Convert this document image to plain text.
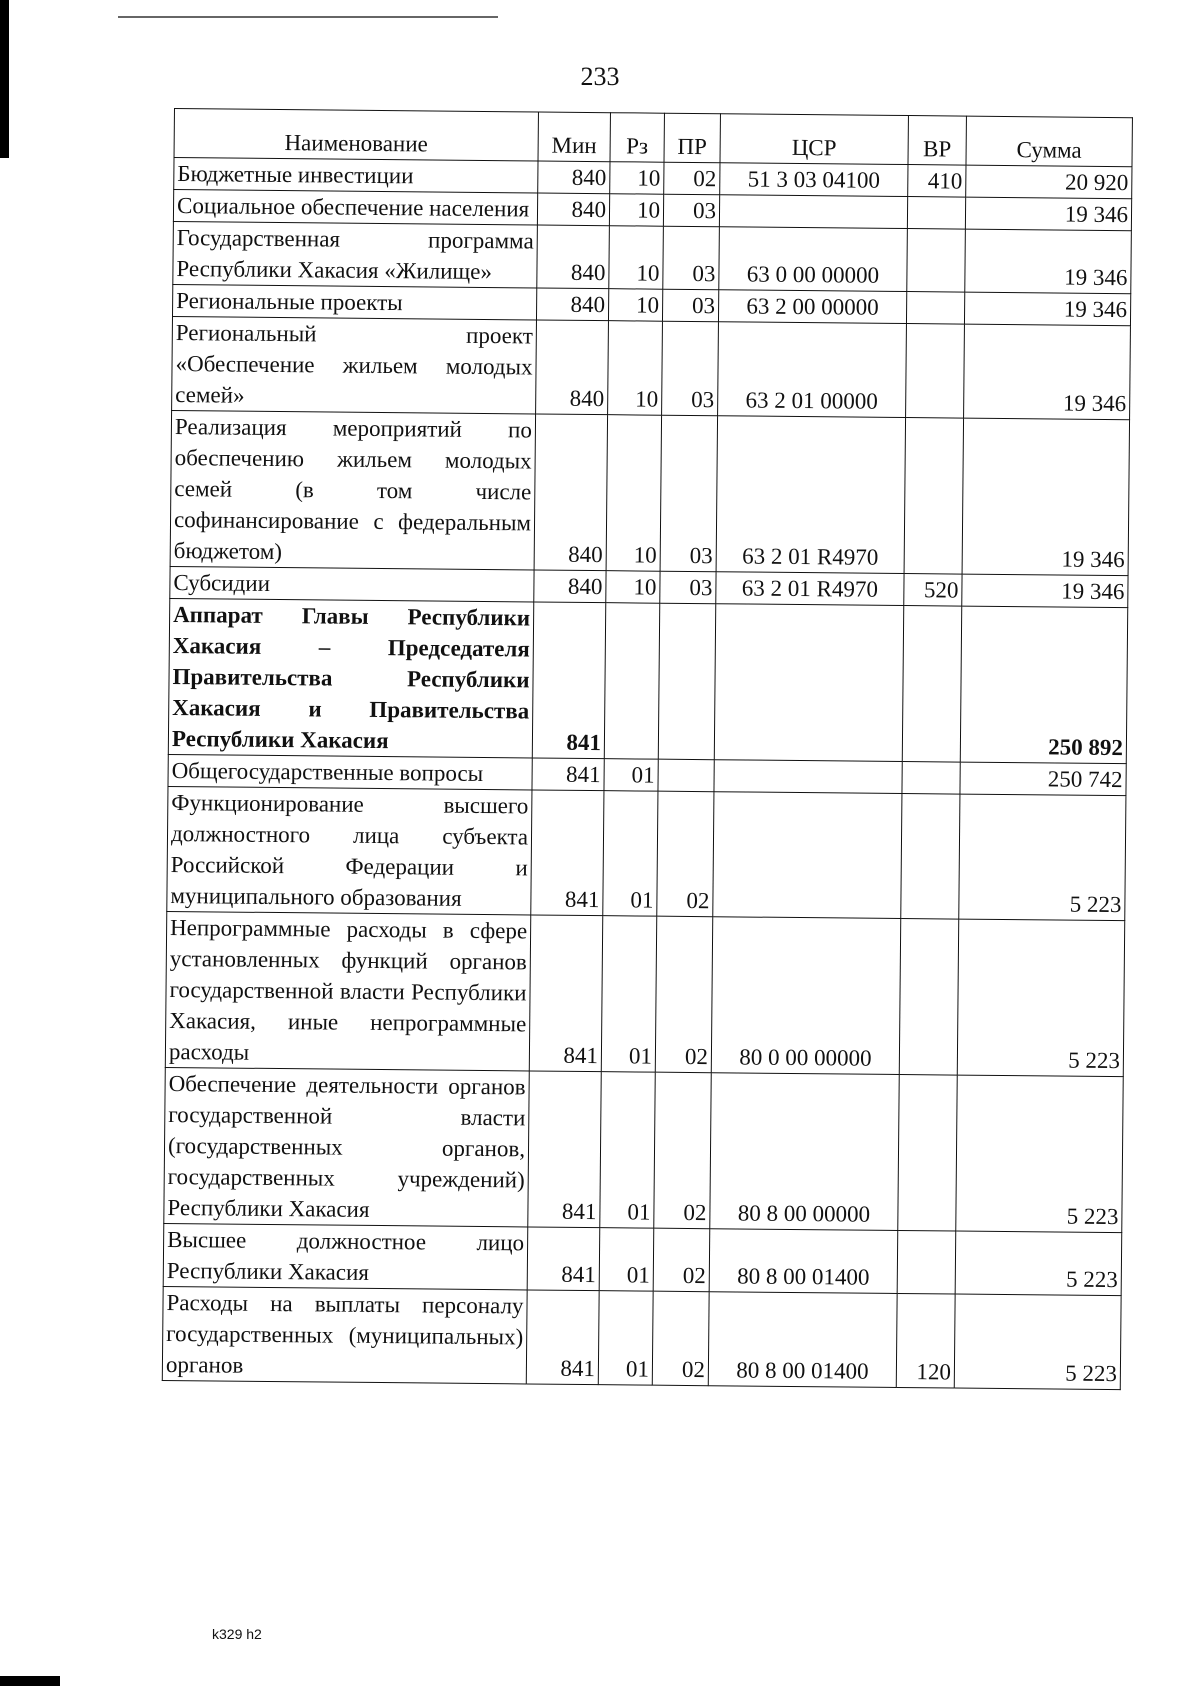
233
Наименование	Мин	Рз	ПР	ЦСР	ВР	Сумма
Бюджетные инвестиции	840	10	02	51 3 03 04100	410	20 920
Социальное обеспечение населения	840	10	03			19 346
Государственная программа Республики Хакасия «Жилище»	840	10	03	63 0 00 00000		19 346
Региональные проекты	840	10	03	63 2 00 00000		19 346
Региональный проект «Обеспечение жильем молодых семей»	840	10	03	63 2 01 00000		19 346
Реализация мероприятий по обеспечению жильем молодых семей (в том числе софинансирование с федеральным бюджетом)	840	10	03	63 2 01 R4970		19 346
Субсидии	840	10	03	63 2 01 R4970	520	19 346
Аппарат Главы Республики Хакасия – Председателя Правительства Республики Хакасия и Правительства Республики Хакасия	841					250 892
Общегосударственные вопросы	841	01				250 742
Функционирование высшего должностного лица субъекта Российской Федерации и муниципального образования	841	01	02			5 223
Непрограммные расходы в сфере установленных функций органов государственной власти Республики Хакасия, иные непрограммные расходы	841	01	02	80 0 00 00000		5 223
Обеспечение деятельности органов государственной власти (государственных органов, государственных учреждений) Республики Хакасия	841	01	02	80 8 00 00000		5 223
Высшее должностное лицо Республики Хакасия	841	01	02	80 8 00 01400		5 223
Расходы на выплаты персоналу государственных (муниципальных) органов	841	01	02	80 8 00 01400	120	5 223
k329 h2
